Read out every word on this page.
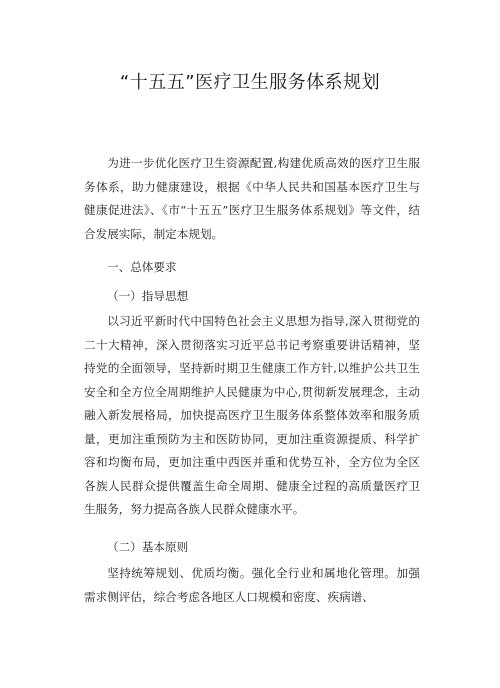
“十五五”医疗卫生服务体系规划

为进一步优化医疗卫生资源配置,构建优质高效的医疗卫生服务体系，助力健康建设，根据《中华人民共和国基本医疗卫生与健康促进法》、《市“十五五”医疗卫生服务体系规划》等文件，结合发展实际，制定本规划。

一、总体要求

（一）指导思想

以习近平新时代中国特色社会主义思想为指导,深入贯彻党的二十大精神，深入贯彻落实习近平总书记考察重要讲话精神，坚持党的全面领导，坚持新时期卫生健康工作方针,以维护公共卫生安全和全方位全周期维护人民健康为中心,贯彻新发展理念，主动融入新发展格局，加快提高医疗卫生服务体系整体效率和服务质量，更加注重预防为主和医防协同，更加注重资源提质、科学扩容和均衡布局，更加注重中西医并重和优势互补，全方位为全区各族人民群众提供覆盖生命全周期、健康全过程的高质量医疗卫生服务，努力提高各族人民群众健康水平。

（二）基本原则

坚持统筹规划、优质均衡。强化全行业和属地化管理。加强需求侧评估，综合考虑各地区人口规模和密度、疾病谱、
